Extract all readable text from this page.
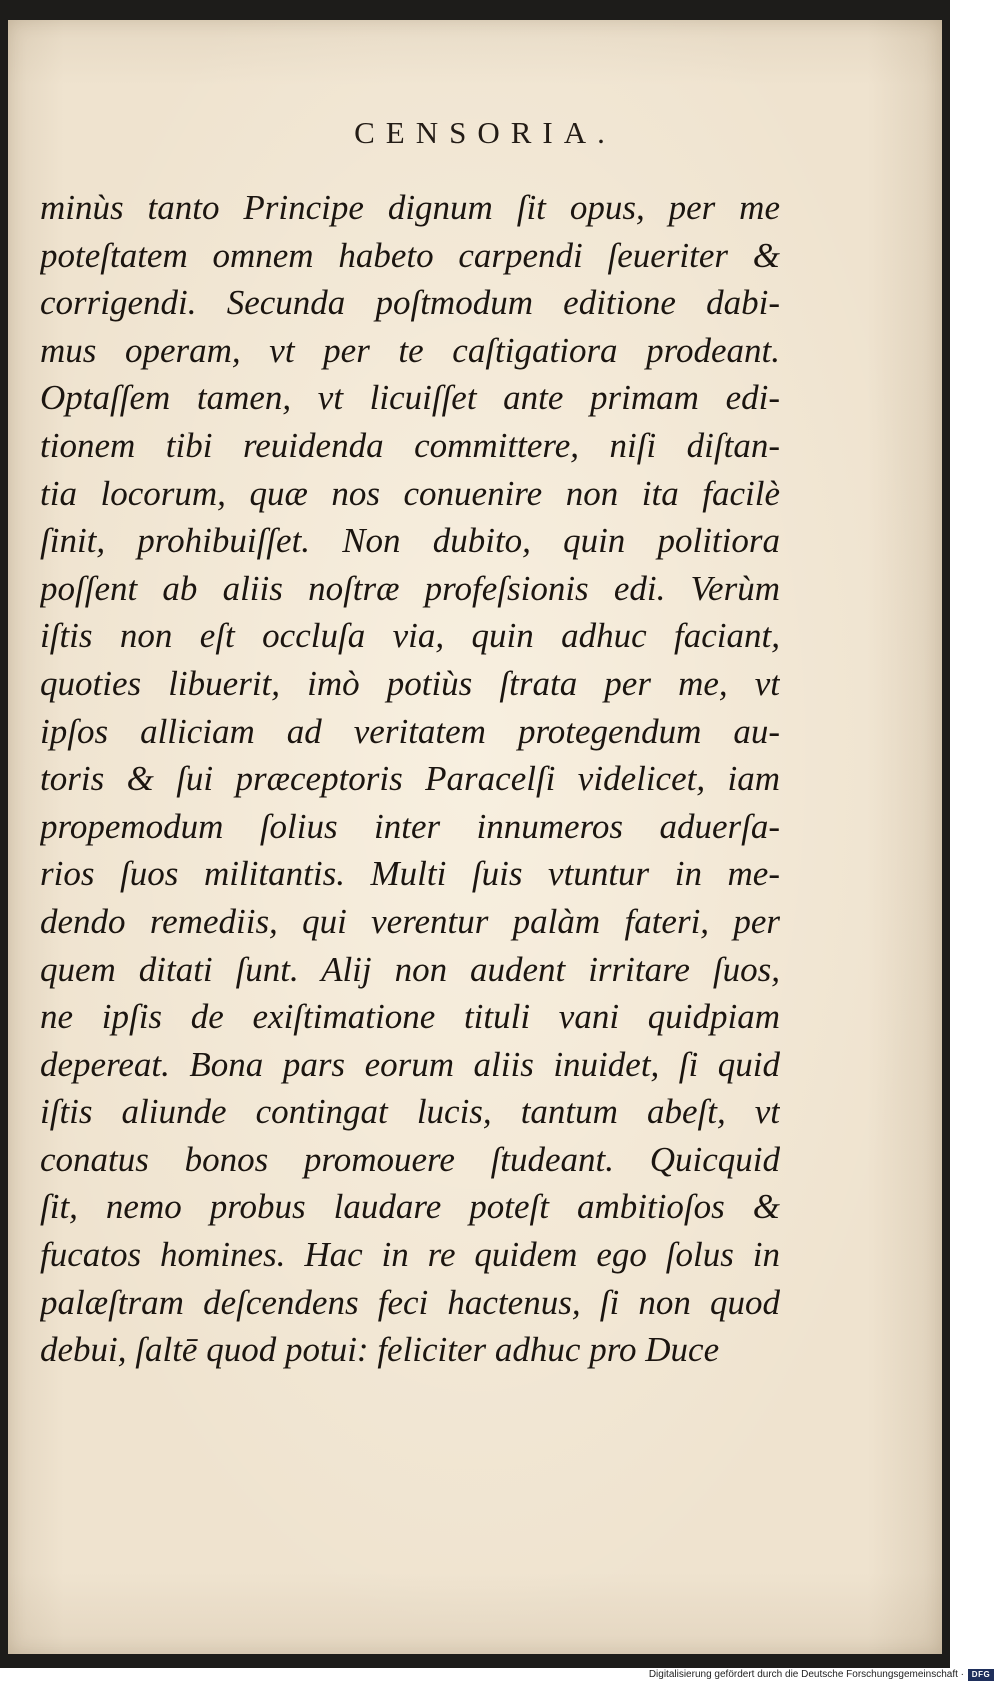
CENSORIA.
minùs tanto Principe dignum ſit opus, per me
poteſtatem omnem habeto carpendi ſeueriter &
corrigendi. Secunda poſtmodum editione dabi-
mus operam, vt per te caſtigatiora prodeant.
Optaſſem tamen, vt licuiſſet ante primam edi-
tionem tibi reuidenda committere, niſi diſtan-
tia locorum, quæ nos conuenire non ita facilè
ſinit, prohibuiſſet. Non dubito, quin politiora
poſſent ab aliis noſtræ profeſsionis edi. Verùm
iſtis non eſt occluſa via, quin adhuc faciant,
quoties libuerit, imò potiùs ſtrata per me, vt
ipſos alliciam ad veritatem protegendum au-
toris & ſui præceptoris Paracelſi videlicet, iam
propemodum ſolius inter innumeros aduerſa-
rios ſuos militantis. Multi ſuis vtuntur in me-
dendo remediis, qui verentur palàm fateri, per
quem ditati ſunt. Alij non audent irritare ſuos,
ne ipſis de exiſtimatione tituli vani quidpiam
depereat. Bona pars eorum aliis inuidet, ſi quid
iſtis aliunde contingat lucis, tantum abeſt, vt
conatus bonos promouere ſtudeant. Quicquid
ſit, nemo probus laudare poteſt ambitioſos &
fucatos homines. Hac in re quidem ego ſolus in
palæſtram deſcendens feci hactenus, ſi non quod
debui, ſaltē quod potui: feliciter adhuc pro Duce
Digitalisierung gefördert durch die Deutsche Forschungsgemeinschaft · DFG
